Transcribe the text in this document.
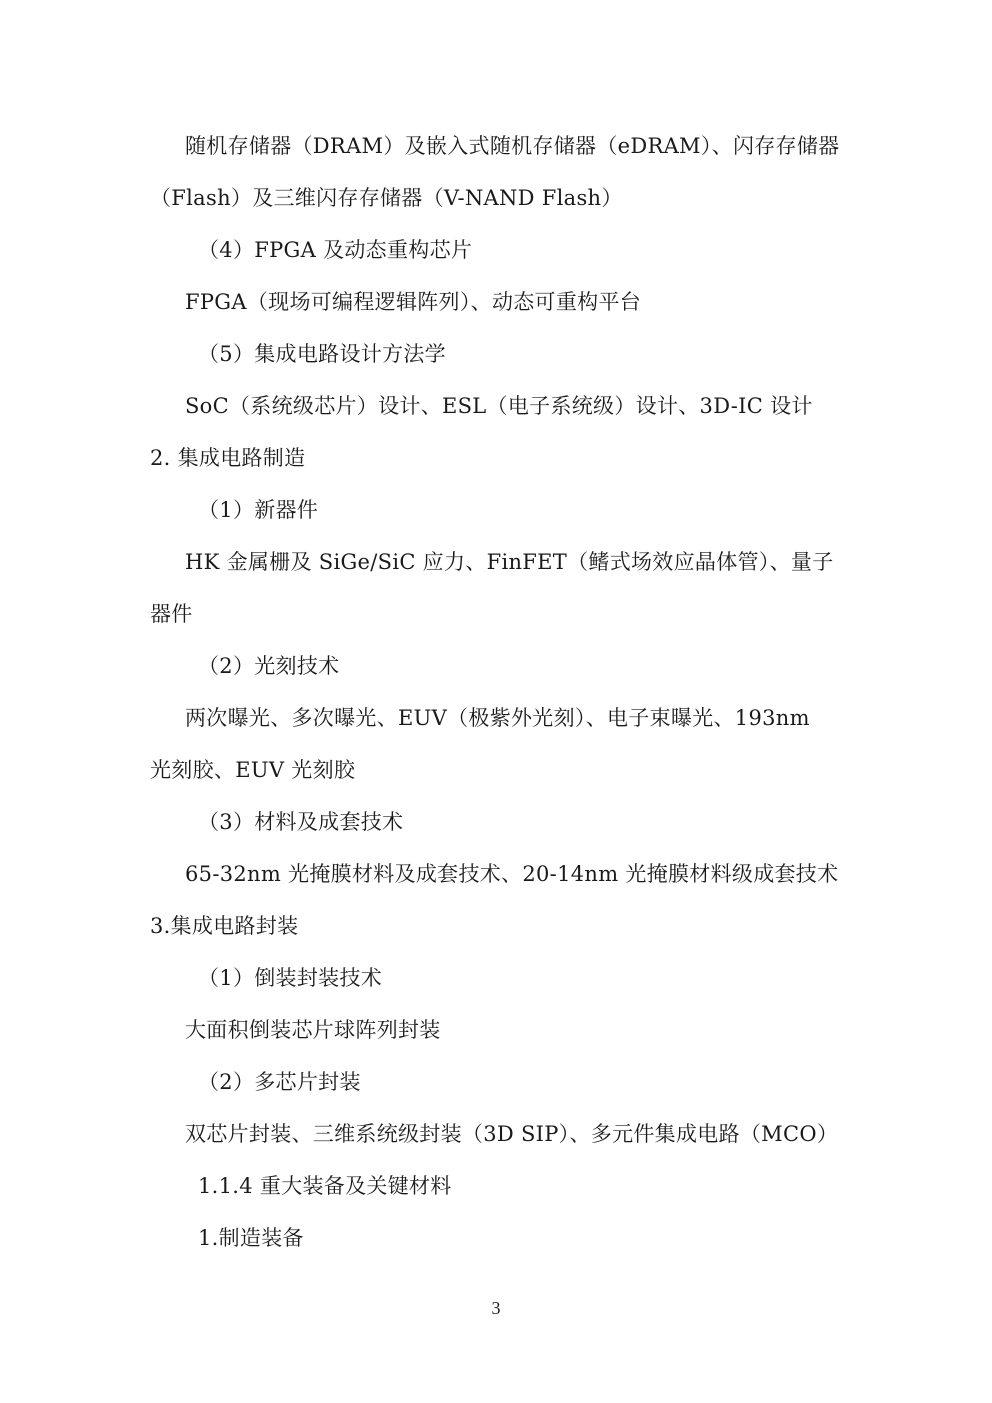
随机存储器（DRAM）及嵌入式随机存储器（eDRAM）、闪存存储器
（Flash）及三维闪存存储器（V-NAND Flash）
（4）FPGA 及动态重构芯片
FPGA（现场可编程逻辑阵列）、动态可重构平台
（5）集成电路设计方法学
SoC（系统级芯片）设计、ESL（电子系统级）设计、3D-IC 设计
2. 集成电路制造
（1）新器件
HK 金属栅及 SiGe/SiC 应力、FinFET（鳍式场效应晶体管）、量子
器件
（2）光刻技术
两次曝光、多次曝光、EUV（极紫外光刻）、电子束曝光、193nm
光刻胶、EUV 光刻胶
（3）材料及成套技术
65-32nm 光掩膜材料及成套技术、20-14nm 光掩膜材料级成套技术
3.集成电路封装
（1）倒装封装技术
大面积倒装芯片球阵列封装
（2）多芯片封装
双芯片封装、三维系统级封装（3D SIP）、多元件集成电路（MCO）
1.1.4 重大装备及关键材料
1.制造装备
3
